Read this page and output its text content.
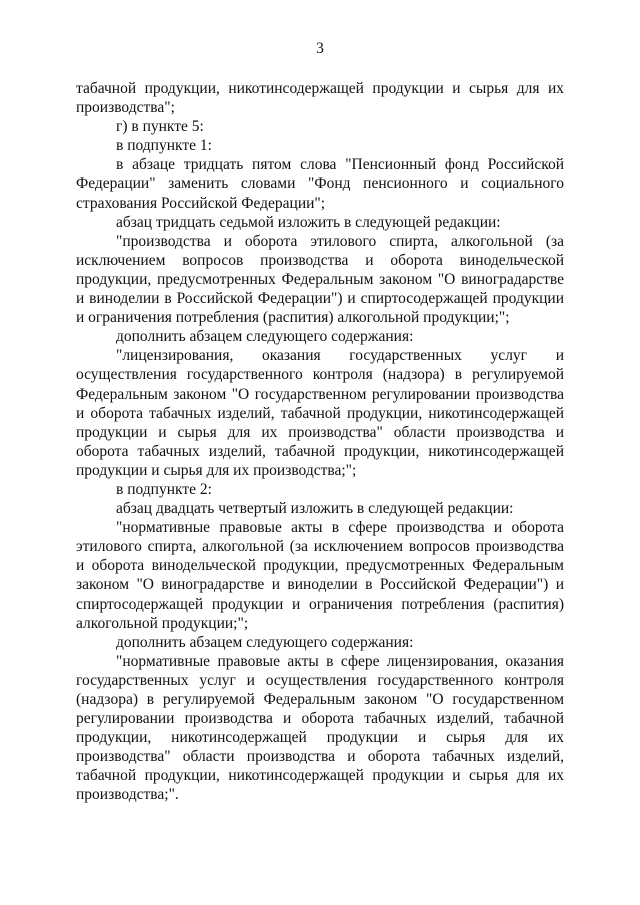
3

табачной продукции, никотинсодержащей продукции и сырья для их производства";

г) в пункте 5:

в подпункте 1:

в абзаце тридцать пятом слова "Пенсионный фонд Российской Федерации" заменить словами "Фонд пенсионного и социального страхования Российской Федерации";

абзац тридцать седьмой изложить в следующей редакции:

"производства и оборота этилового спирта, алкогольной (за исключением вопросов производства и оборота винодельческой продукции, предусмотренных Федеральным законом "О виноградарстве и виноделии в Российской Федерации") и спиртосодержащей продукции и ограничения потребления (распития) алкогольной продукции;";

дополнить абзацем следующего содержания:

"лицензирования, оказания государственных услуг и осуществления государственного контроля (надзора) в регулируемой Федеральным законом "О государственном регулировании производства и оборота табачных изделий, табачной продукции, никотинсодержащей продукции и сырья для их производства" области производства и оборота табачных изделий, табачной продукции, никотинсодержащей продукции и сырья для их производства;";

в подпункте 2:

абзац двадцать четвертый изложить в следующей редакции:

"нормативные правовые акты в сфере производства и оборота этилового спирта, алкогольной (за исключением вопросов производства и оборота винодельческой продукции, предусмотренных Федеральным законом "О виноградарстве и виноделии в Российской Федерации") и спиртосодержащей продукции и ограничения потребления (распития) алкогольной продукции;";

дополнить абзацем следующего содержания:

"нормативные правовые акты в сфере лицензирования, оказания государственных услуг и осуществления государственного контроля (надзора) в регулируемой Федеральным законом "О государственном регулировании производства и оборота табачных изделий, табачной продукции, никотинсодержащей продукции и сырья для их производства" области производства и оборота табачных изделий, табачной продукции, никотинсодержащей продукции и сырья для их производства;".
